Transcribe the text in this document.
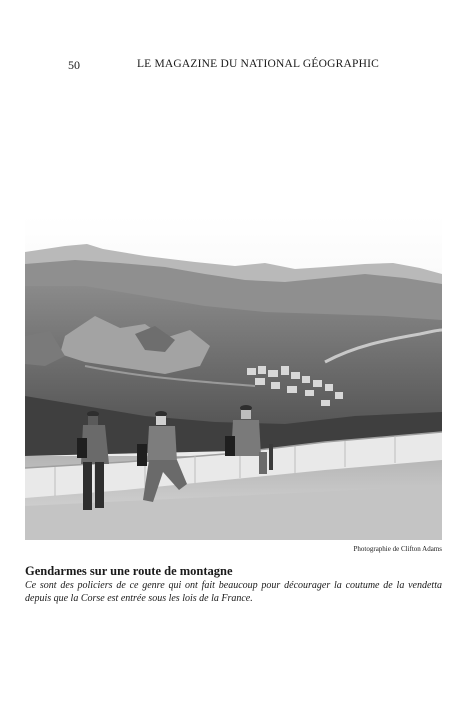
50	LE MAGAZINE DU NATIONAL GÉOGRAPHIC
Photographie de Clifton Adams
Gendarmes sur une route de montagne
Ce sont des policiers de ce genre qui ont fait beaucoup pour décourager la coutume de la vendetta depuis que la Corse est entrée sous les lois de la France.
